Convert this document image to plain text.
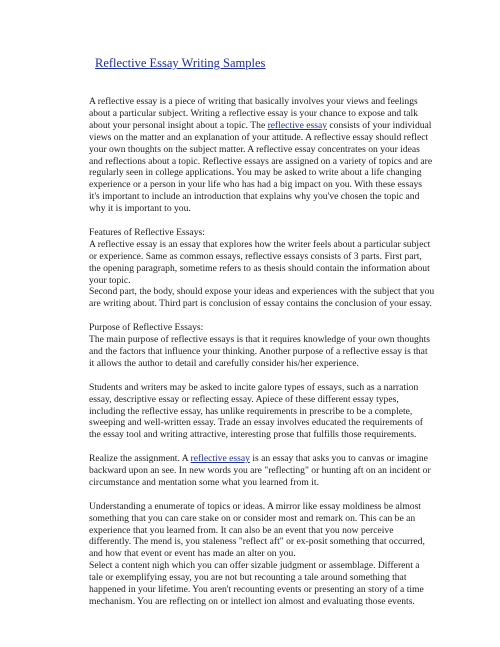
Reflective Essay Writing Samples

A reflective essay is a piece of writing that basically involves your views and feelings
about a particular subject. Writing a reflective essay is your chance to expose and talk
about your personal insight about a topic. The reflective essay consists of your individual
views on the matter and an explanation of your attitude. A reflective essay should reflect
your own thoughts on the subject matter. A reflective essay concentrates on your ideas
and reflections about a topic. Reflective essays are assigned on a variety of topics and are
regularly seen in college applications. You may be asked to write about a life changing
experience or a person in your life who has had a big impact on you. With these essays
it's important to include an introduction that explains why you've chosen the topic and
why it is important to you.

Features of Reflective Essays:
A reflective essay is an essay that explores how the writer feels about a particular subject
or experience. Same as common essays, reflective essays consists of 3 parts. First part,
the opening paragraph, sometime refers to as thesis should contain the information about
your topic.
Second part, the body, should expose your ideas and experiences with the subject that you
are writing about. Third part is conclusion of essay contains the conclusion of your essay.

Purpose of Reflective Essays:
The main purpose of reflective essays is that it requires knowledge of your own thoughts
and the factors that influence your thinking. Another purpose of a reflective essay is that
it allows the author to detail and carefully consider his/her experience.

Students and writers may be asked to incite galore types of essays, such as a narration
essay, descriptive essay or reflecting essay. Apiece of these different essay types,
including the reflective essay, has unlike requirements in prescribe to be a complete,
sweeping and well-written essay. Trade an essay involves educated the requirements of
the essay tool and writing attractive, interesting prose that fulfills those requirements.

Realize the assignment. A reflective essay is an essay that asks you to canvas or imagine
backward upon an see. In new words you are "reflecting" or hunting aft on an incident or
circumstance and mentation some what you learned from it.

Understanding a enumerate of topics or ideas. A mirror like essay moldiness be almost
something that you can care stake on or consider most and remark on. This can be an
experience that you learned from. It can also be an event that you now perceive
differently. The mend is, you staleness "reflect aft" or ex-posit something that occurred,
and how that event or event has made an alter on you.
Select a content nigh which you can offer sizable judgment or assemblage. Different a
tale or exemplifying essay, you are not but recounting a tale around something that
happened in your lifetime. You aren't recounting events or presenting an story of a time
mechanism. You are reflecting on or intellect ion almost and evaluating those events.
